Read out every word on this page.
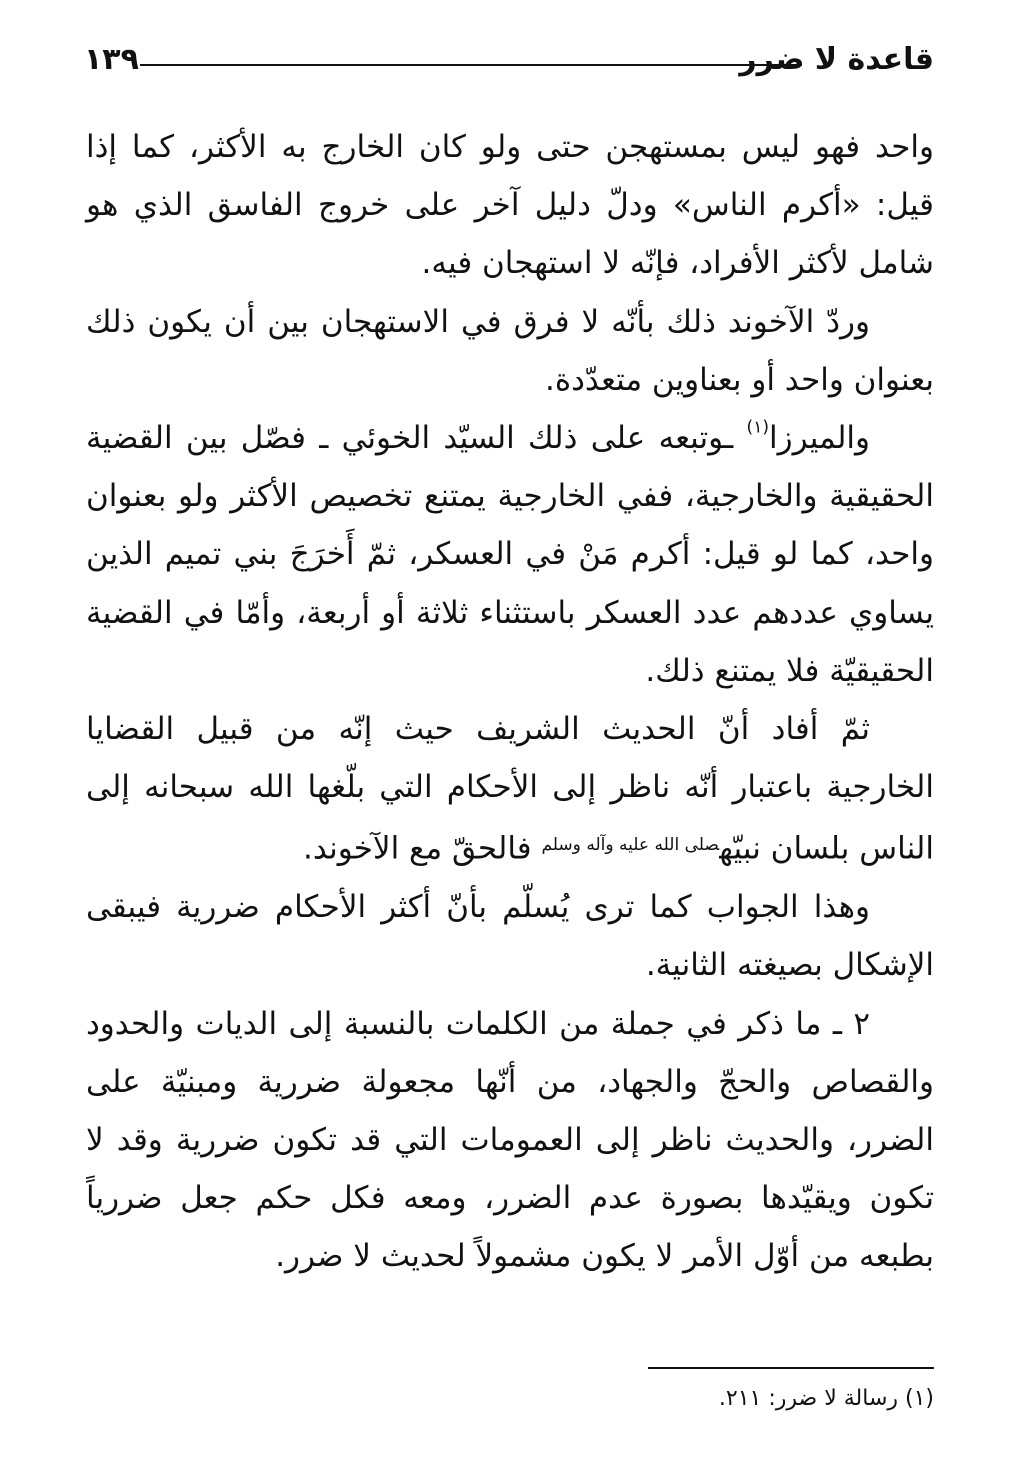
قاعدة لا ضرر
١٣٩

واحد فهو ليس بمستهجن حتى ولو كان الخارج به الأكثر، كما إذا قيل: «أكرم الناس» ودلّ دليل آخر على خروج الفاسق الذي هو شامل لأكثر الأفراد، فإنّه لا استهجان فيه.

وردّ الآخوند ذلك بأنّه لا فرق في الاستهجان بين أن يكون ذلك بعنوان واحد أو بعناوين متعدّدة.

والميرزا$^{(١)}$ ـوتبعه على ذلك السيّد الخوئي ـ فصّل بين القضية الحقيقية والخارجية، ففي الخارجية يمتنع تخصيص الأكثر ولو بعنوان واحد، كما لو قيل: أكرم مَنْ في العسكر، ثمّ أَخرَجَ بني تميم الذين يساوي عددهم عدد العسكر باستثناء ثلاثة أو أربعة، وأمّا في القضية الحقيقيّة فلا يمتنع ذلك.

ثمّ أفاد أنّ الحديث الشريف حيث إنّه من قبيل القضايا الخارجية باعتبار أنّه ناظر إلى الأحكام التي بلّغها الله سبحانه إلى الناس بلسان نبيّه$^{صلى الله عليه وآله وسلم}$ فالحقّ مع الآخوند.

وهذا الجواب كما ترى يُسلّم بأنّ أكثر الأحكام ضررية فيبقى الإشكال بصيغته الثانية.

٢ ـ ما ذكر في جملة من الكلمات بالنسبة إلى الديات والحدود والقصاص والحجّ والجهاد، من أنّها مجعولة ضررية ومبنيّة على الضرر، والحديث ناظر إلى العمومات التي قد تكون ضررية وقد لا تكون ويقيّدها بصورة عدم الضرر، ومعه فكل حكم جعل ضررياً بطبعه من أوّل الأمر لا يكون مشمولاً لحديث لا ضرر.

(١) رسالة لا ضرر: ٢١١.
